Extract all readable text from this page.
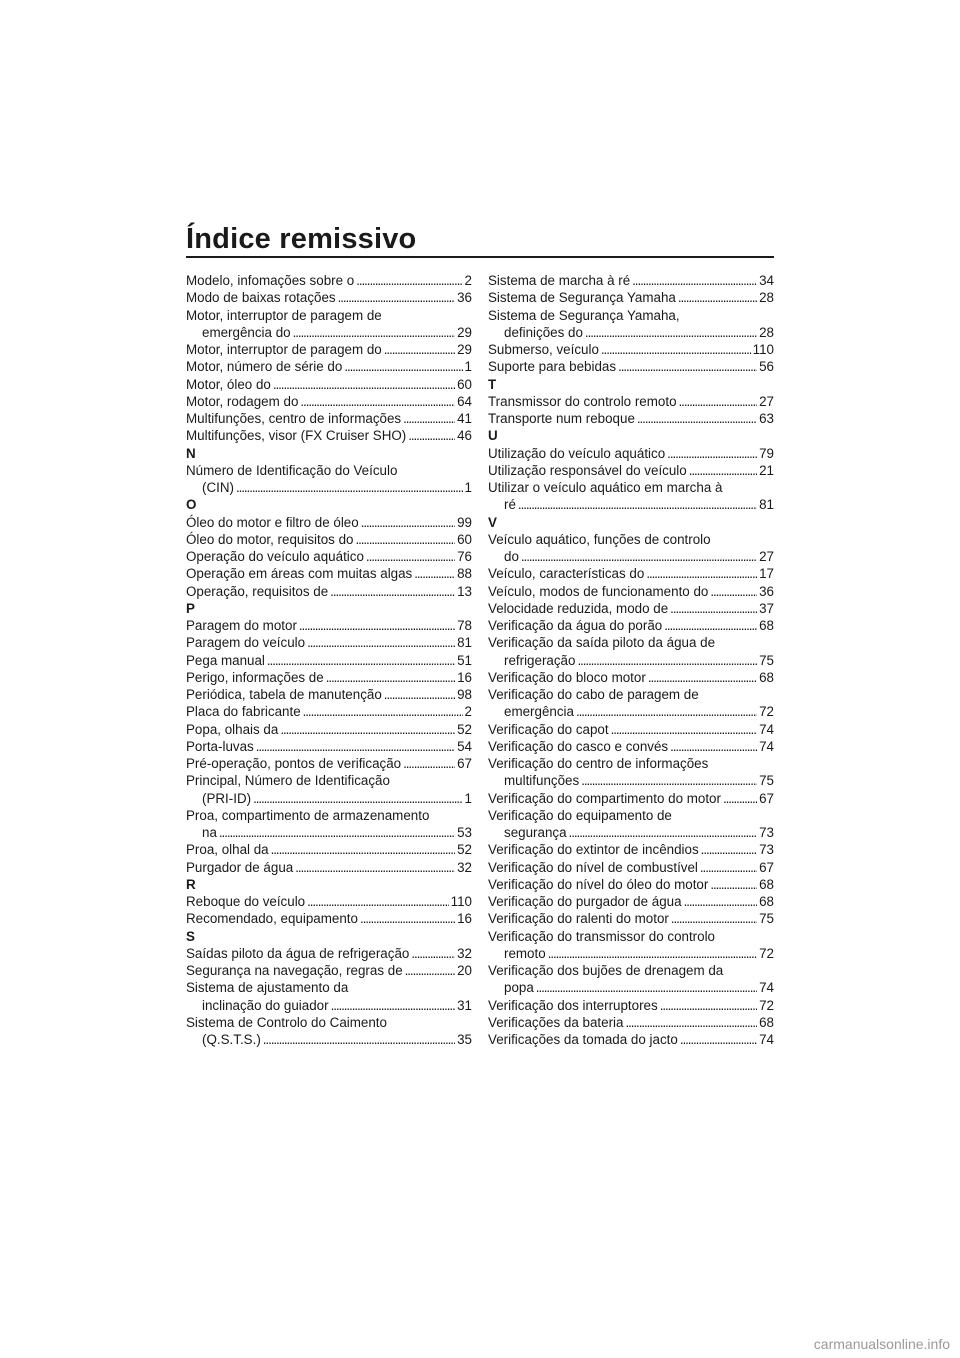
Índice remissivo
Modelo, infomações sobre o . . .	2
Modo de baixas rotações . . .	36
Motor, interruptor de paragem de
emergência do . . .	29
Motor, interruptor de paragem do . . .	29
Motor, número de série do . . .	1
Motor, óleo do . . .	60
Motor, rodagem do . . .	64
Multifunções, centro de informações . . .	41
Multifunções, visor (FX Cruiser SHO) . . .	46
N
Número de Identificação do Veículo
(CIN) . . .	1
O
Óleo do motor e filtro de óleo . . .	99
Óleo do motor, requisitos do . . .	60
Operação do veículo aquático . . .	76
Operação em áreas com muitas algas . . .	88
Operação, requisitos de . . .	13
P
Paragem do motor . . .	78
Paragem do veículo . . .	81
Pega manual . . .	51
Perigo, informações de . . .	16
Periódica, tabela de manutenção . . .	98
Placa do fabricante . . .	2
Popa, olhais da . . .	52
Porta-luvas . . .	54
Pré-operação, pontos de verificação . . .	67
Principal, Número de Identificação
(PRI-ID) . . .	1
Proa, compartimento de armazenamento
na . . .	53
Proa, olhal da . . .	52
Purgador de água . . .	32
R
Reboque do veículo . . .	110
Recomendado, equipamento . . .	16
S
Saídas piloto da água de refrigeração . . .	32
Segurança na navegação, regras de . . .	20
Sistema de ajustamento da
inclinação do guiador . . .	31
Sistema de Controlo do Caimento
(Q.S.T.S.) . . .	35
Sistema de marcha à ré . . .	34
Sistema de Segurança Yamaha . . .	28
Sistema de Segurança Yamaha,
definições do . . .	28
Submerso, veículo . . .	110
Suporte para bebidas . . .	56
T
Transmissor do controlo remoto . . .	27
Transporte num reboque . . .	63
U
Utilização do veículo aquático . . .	79
Utilização responsável do veículo . . .	21
Utilizar o veículo aquático em marcha à
ré . . .	81
V
Veículo aquático, funções de controlo
do . . .	27
Veículo, características do . . .	17
Veículo, modos de funcionamento do . . .	36
Velocidade reduzida, modo de . . .	37
Verificação da água do porão . . .	68
Verificação da saída piloto da água de
refrigeração . . .	75
Verificação do bloco motor . . .	68
Verificação do cabo de paragem de
emergência . . .	72
Verificação do capot . . .	74
Verificação do casco e convés . . .	74
Verificação do centro de informações
multifunções . . .	75
Verificação do compartimento do motor . . .	67
Verificação do equipamento de
segurança . . .	73
Verificação do extintor de incêndios . . .	73
Verificação do nível de combustível . . .	67
Verificação do nível do óleo do motor . . .	68
Verificação do purgador de água . . .	68
Verificação do ralenti do motor . . .	75
Verificação do transmissor do controlo
remoto . . .	72
Verificação dos bujões de drenagem da
popa . . .	74
Verificação dos interruptores . . .	72
Verificações da bateria . . .	68
Verificações da tomada do jacto . . .	74
carmanualsonline.info
